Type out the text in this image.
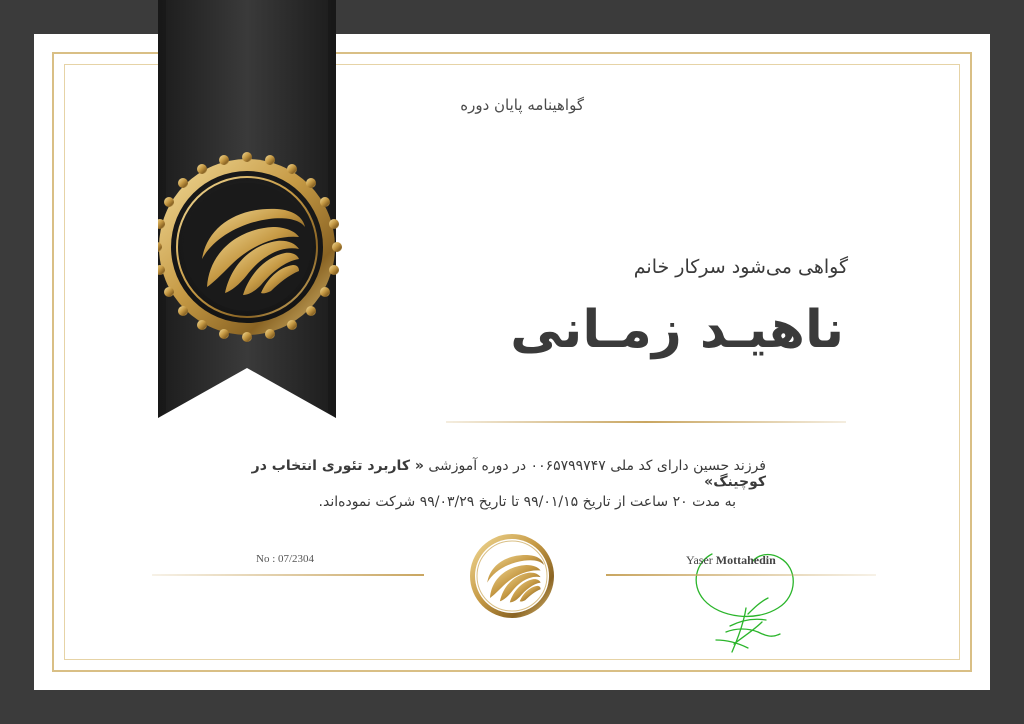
گواهینامه پایان دوره
گواهی می‌شود سرکار خانم
ناهیـد زمـانی
فرزند حسین دارای کد ملی ۰۰۶۵۷۹۹۷۴۷ در دوره آموزشی « کاربرد تئوری انتخاب در کوچینگ»
به مدت ۲۰ ساعت از تاریخ ۹۹/۰۱/۱۵ تا تاریخ ۹۹/۰۳/۲۹ شرکت نموده‌اند.
No : 07/2304	Yaser Mottahedin
